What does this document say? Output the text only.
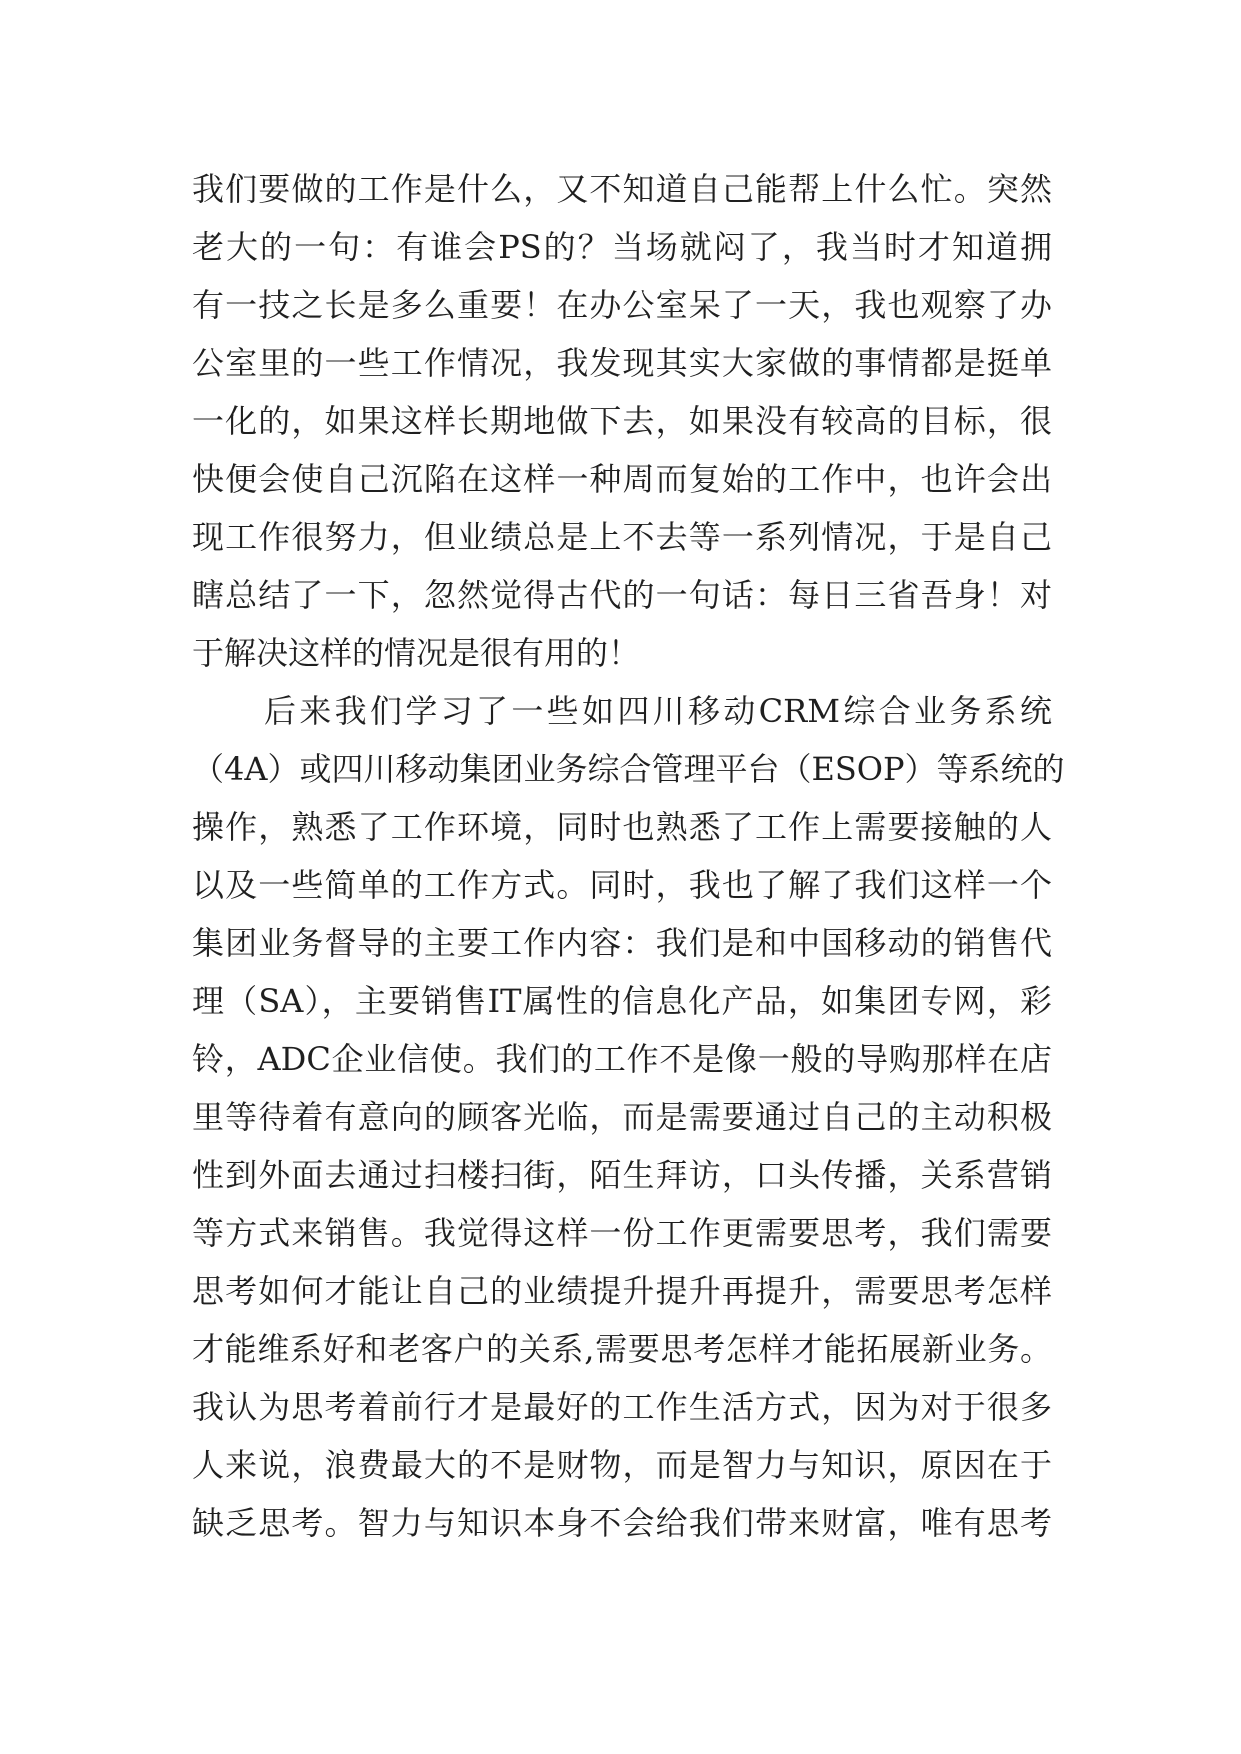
我们要做的工作是什么，又不知道自己能帮上什么忙。突然
老大的一句：有谁会PS的？当场就闷了，我当时才知道拥
有一技之长是多么重要！在办公室呆了一天，我也观察了办
公室里的一些工作情况，我发现其实大家做的事情都是挺单
一化的，如果这样长期地做下去，如果没有较高的目标，很
快便会使自己沉陷在这样一种周而复始的工作中，也许会出
现工作很努力，但业绩总是上不去等一系列情况，于是自己
瞎总结了一下，忽然觉得古代的一句话：每日三省吾身！对
于解决这样的情况是很有用的！
后来我们学习了一些如四川移动CRM综合业务系统
（4A）或四川移动集团业务综合管理平台（ESOP）等系统的
操作，熟悉了工作环境，同时也熟悉了工作上需要接触的人
以及一些简单的工作方式。同时，我也了解了我们这样一个
集团业务督导的主要工作内容：我们是和中国移动的销售代
理（SA），主要销售IT属性的信息化产品，如集团专网，彩
铃，ADC企业信使。我们的工作不是像一般的导购那样在店
里等待着有意向的顾客光临，而是需要通过自己的主动积极
性到外面去通过扫楼扫街，陌生拜访，口头传播，关系营销
等方式来销售。我觉得这样一份工作更需要思考，我们需要
思考如何才能让自己的业绩提升提升再提升，需要思考怎样
才能维系好和老客户的关系,需要思考怎样才能拓展新业务。
我认为思考着前行才是最好的工作生活方式，因为对于很多
人来说，浪费最大的不是财物，而是智力与知识，原因在于
缺乏思考。智力与知识本身不会给我们带来财富，唯有思考
